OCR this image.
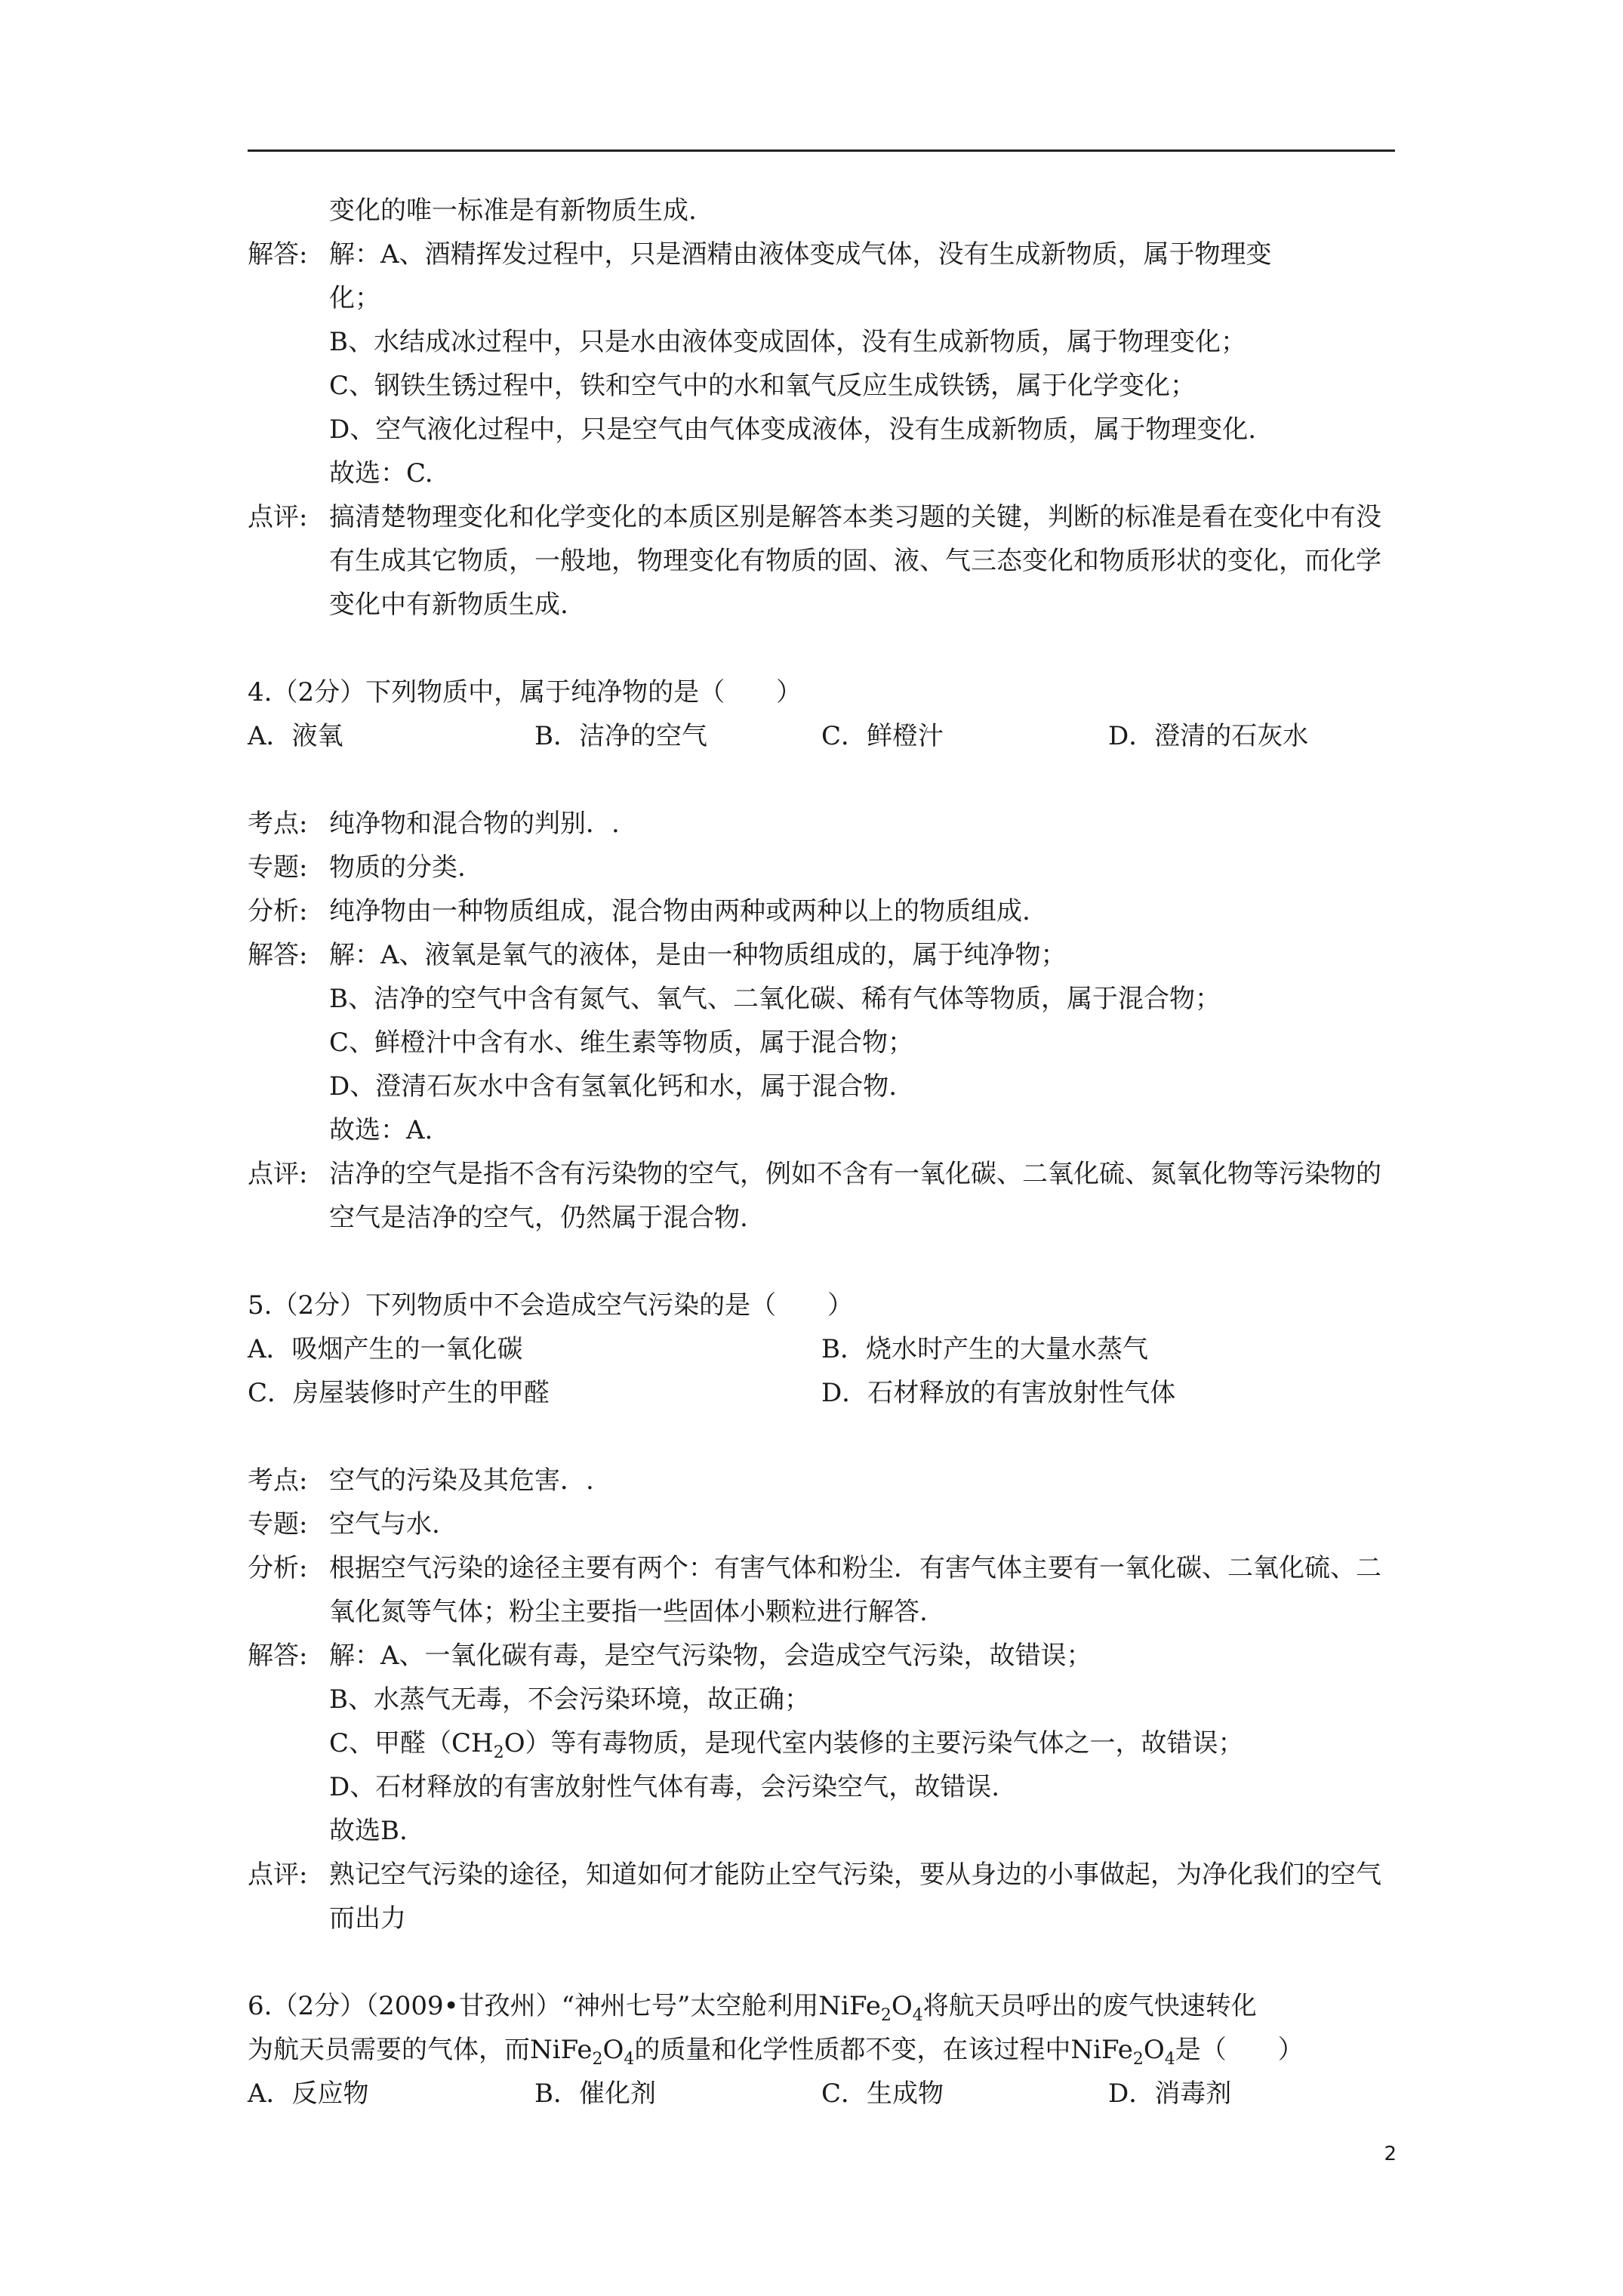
变化的唯一标准是有新物质生成.
解答: 解：A、酒精挥发过程中，只是酒精由液体变成气体，没有生成新物质，属于物理变
化；
B、水结成冰过程中，只是水由液体变成固体，没有生成新物质，属于物理变化；
C、钢铁生锈过程中，铁和空气中的水和氧气反应生成铁锈，属于化学变化；
D、空气液化过程中，只是空气由气体变成液体，没有生成新物质，属于物理变化.
故选：C.
点评: 搞清楚物理变化和化学变化的本质区别是解答本类习题的关键，判断的标准是看在变化中有没有生成其它物质，一般地，物理变化有物质的固、液、气三态变化和物质形状的变化，而化学变化中有新物质生成.
4.（2分）下列物质中，属于纯净物的是（　　）
A．液氧	B．洁净的空气	C．鲜橙汁	D．澄清的石灰水
考点: 纯净物和混合物的判别．.
专题: 物质的分类.
分析: 纯净物由一种物质组成，混合物由两种或两种以上的物质组成.
解答: 解：A、液氧是氧气的液体，是由一种物质组成的，属于纯净物；
B、洁净的空气中含有氮气、氧气、二氧化碳、稀有气体等物质，属于混合物；
C、鲜橙汁中含有水、维生素等物质，属于混合物；
D、澄清石灰水中含有氢氧化钙和水，属于混合物.
故选：A.
点评: 洁净的空气是指不含有污染物的空气，例如不含有一氧化碳、二氧化硫、氮氧化物等污染物的空气是洁净的空气，仍然属于混合物.
5.（2分）下列物质中不会造成空气污染的是（　　）
A．吸烟产生的一氧化碳	B．烧水时产生的大量水蒸气
C．房屋装修时产生的甲醛	D．石材释放的有害放射性气体
考点: 空气的污染及其危害．.
专题: 空气与水.
分析: 根据空气污染的途径主要有两个：有害气体和粉尘．有害气体主要有一氧化碳、二氧化硫、二氧化氮等气体；粉尘主要指一些固体小颗粒进行解答.
解答: 解：A、一氧化碳有毒，是空气污染物，会造成空气污染，故错误；
B、水蒸气无毒，不会污染环境，故正确；
C、甲醛$(CH_2O)$等有毒物质，是现代室内装修的主要污染气体之一，故错误；
D、石材释放的有害放射性气体有毒，会污染空气，故错误.
故选B.
点评: 熟记空气污染的途径，知道如何才能防止空气污染，要从身边的小事做起，为净化我们的空气而出力
6.（2分）（2009•甘孜州）“神州七号”太空舱利用$NiFe_2O_4$将航天员呼出的废气快速转化
为航天员需要的气体，而$NiFe_2O_4$的质量和化学性质都不变，在该过程中$NiFe_2O_4$是（　　）
A．反应物	B．催化剂	C．生成物	D．消毒剂
2
